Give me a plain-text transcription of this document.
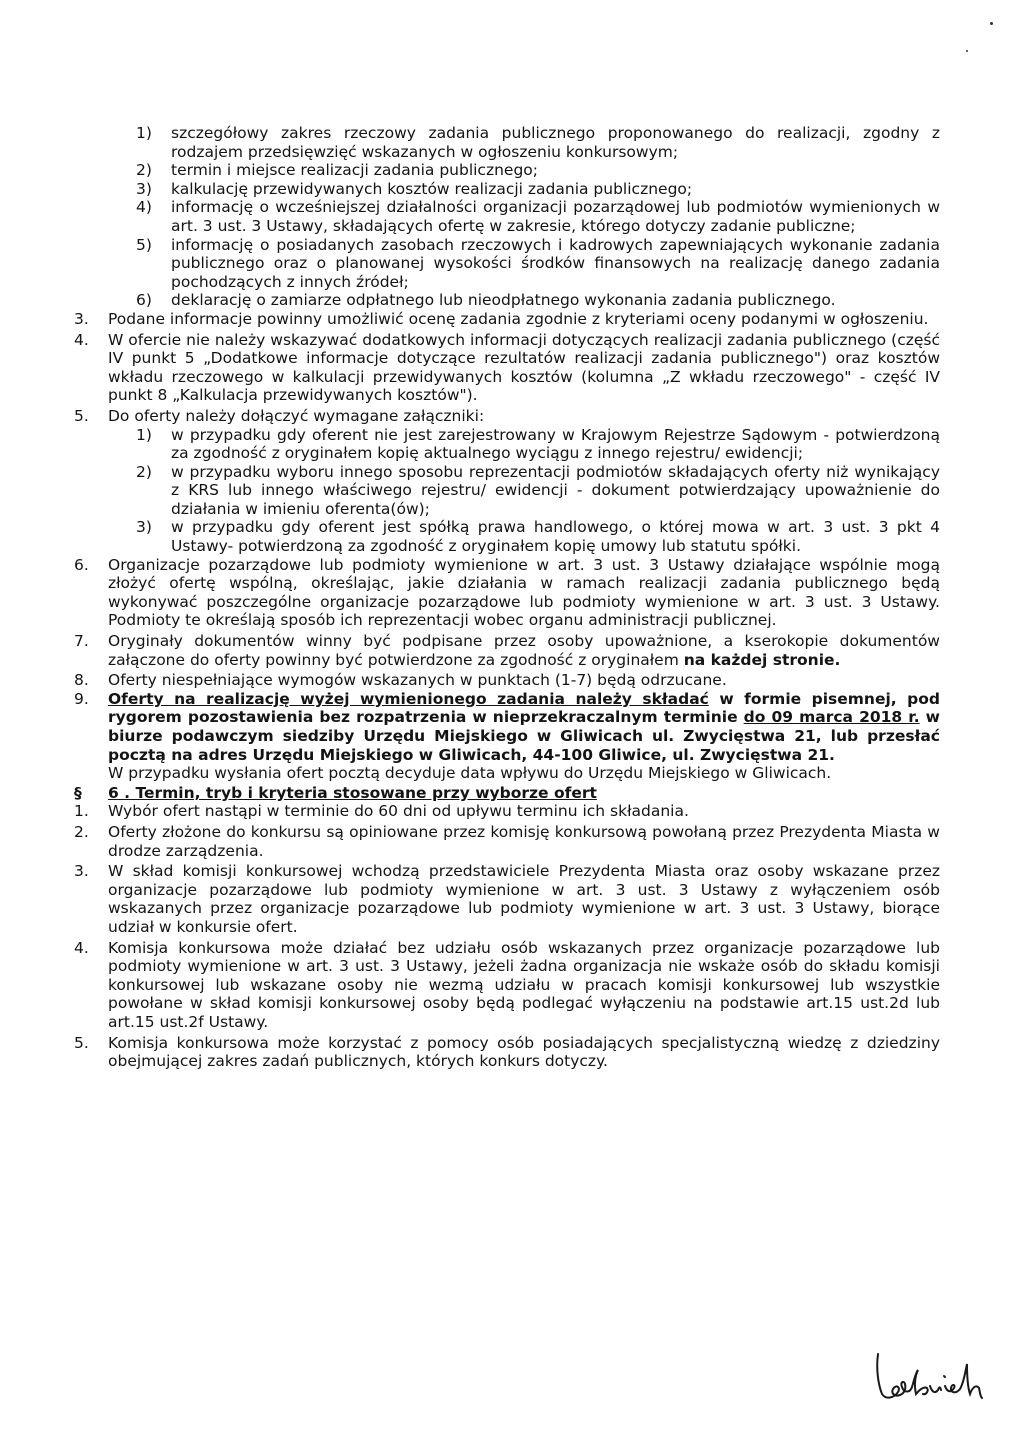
1) szczegółowy zakres rzeczowy zadania publicznego proponowanego do realizacji, zgodny z rodzajem przedsięwzięć wskazanych w ogłoszeniu konkursowym;
2) termin i miejsce realizacji zadania publicznego;
3) kalkulację przewidywanych kosztów realizacji zadania publicznego;
4) informację o wcześniejszej działalności organizacji pozarządowej lub podmiotów wymienionych w art. 3 ust. 3 Ustawy, składających ofertę w zakresie, którego dotyczy zadanie publiczne;
5) informację o posiadanych zasobach rzeczowych i kadrowych zapewniających wykonanie zadania publicznego oraz o planowanej wysokości środków finansowych na realizację danego zadania pochodzących z innych źródeł;
6) deklarację o zamiarze odpłatnego lub nieodpłatnego wykonania zadania publicznego.
3. Podane informacje powinny umożliwić ocenę zadania zgodnie z kryteriami oceny podanymi w ogłoszeniu.
4. W ofercie nie należy wskazywać dodatkowych informacji dotyczących realizacji zadania publicznego (część IV punkt 5 „Dodatkowe informacje dotyczące rezultatów realizacji zadania publicznego") oraz kosztów wkładu rzeczowego w kalkulacji przewidywanych kosztów (kolumna „Z wkładu rzeczowego" - część IV punkt 8 „Kalkulacja przewidywanych kosztów").
5. Do oferty należy dołączyć wymagane załączniki:
1) w przypadku gdy oferent nie jest zarejestrowany w Krajowym Rejestrze Sądowym - potwierdzoną za zgodność z oryginałem kopię aktualnego wyciągu z innego rejestru/ ewidencji;
2) w przypadku wyboru innego sposobu reprezentacji podmiotów składających oferty niż wynikający z KRS lub innego właściwego rejestru/ ewidencji - dokument potwierdzający upoważnienie do działania w imieniu oferenta(ów);
3) w przypadku gdy oferent jest spółką prawa handlowego, o której mowa w art. 3 ust. 3 pkt 4 Ustawy- potwierdzoną za zgodność z oryginałem kopię umowy lub statutu spółki.
6. Organizacje pozarządowe lub podmioty wymienione w art. 3 ust. 3 Ustawy działające wspólnie mogą złożyć ofertę wspólną, określając, jakie działania w ramach realizacji zadania publicznego będą wykonywać poszczególne organizacje pozarządowe lub podmioty wymienione w art. 3 ust. 3 Ustawy. Podmioty te określają sposób ich reprezentacji wobec organu administracji publicznej.
7. Oryginały dokumentów winny być podpisane przez osoby upoważnione, a kserokopie dokumentów załączone do oferty powinny być potwierdzone za zgodność z oryginałem na każdej stronie.
8. Oferty niespełniające wymogów wskazanych w punktach (1-7) będą odrzucane.
9. Oferty na realizację wyżej wymienionego zadania należy składać w formie pisemnej, pod rygorem pozostawienia bez rozpatrzenia w nieprzekraczalnym terminie do 09 marca 2018 r. w biurze podawczym siedziby Urzędu Miejskiego w Gliwicach ul. Zwycięstwa 21, lub przesłać pocztą na adres Urzędu Miejskiego w Gliwicach, 44-100 Gliwice, ul. Zwycięstwa 21.
W przypadku wysłania ofert pocztą decyduje data wpływu do Urzędu Miejskiego w Gliwicach.
§ 6 . Termin, tryb i kryteria stosowane przy wyborze ofert
1. Wybór ofert nastąpi w terminie do 60 dni od upływu terminu ich składania.
2. Oferty złożone do konkursu są opiniowane przez komisję konkursową powołaną przez Prezydenta Miasta w drodze zarządzenia.
3. W skład komisji konkursowej wchodzą przedstawiciele Prezydenta Miasta oraz osoby wskazane przez organizacje pozarządowe lub podmioty wymienione w art. 3 ust. 3 Ustawy z wyłączeniem osób wskazanych przez organizacje pozarządowe lub podmioty wymienione w art. 3 ust. 3 Ustawy, biorące udział w konkursie ofert.
4. Komisja konkursowa może działać bez udziału osób wskazanych przez organizacje pozarządowe lub podmioty wymienione w art. 3 ust. 3 Ustawy, jeżeli żadna organizacja nie wskaże osób do składu komisji konkursowej lub wskazane osoby nie wezmą udziału w pracach komisji konkursowej lub wszystkie powołane w skład komisji konkursowej osoby będą podlegać wyłączeniu na podstawie art.15 ust.2d lub art.15 ust.2f Ustawy.
5. Komisja konkursowa może korzystać z pomocy osób posiadających specjalistyczną wiedzę z dziedziny obejmującej zakres zadań publicznych, których konkurs dotyczy.
